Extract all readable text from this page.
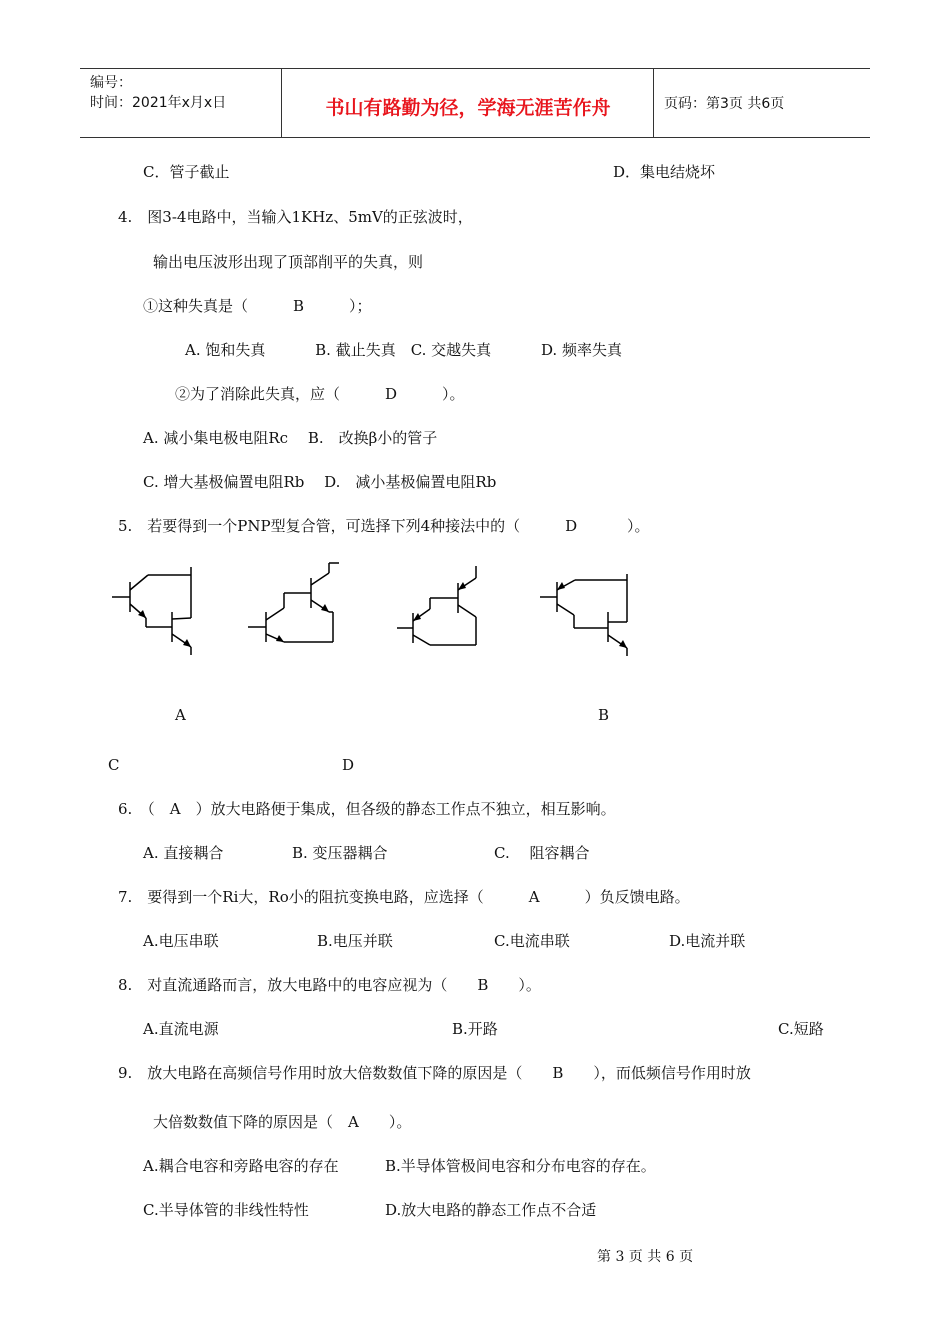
编号：
时间：2021年x月x日	书山有路勤为径，学海无涯苦作舟	页码：第3页 共6页
C．管子截止	D．集电结烧坏
4.　图3-4电路中，当输入1KHz、5mV的正弦波时，
输出电压波形出现了顶部削平的失真，则
①这种失真是（　　　B　　　）；
A. 饱和失真　　　 B. 截止失真　C. 交越失真　　　 D. 频率失真
②为了消除此失真，应（　　　D　　　）。
A. 减小集电极电阻Rc　 B.　改换β小的管子
C. 增大基极偏置电阻Rb　 D.　减小基极偏置电阻Rb
5.　若要得到一个PNP型复合管，可选择下列4种接法中的（　　　D　　　 ）。
A	B
C	D
6.　（　A　）放大电路便于集成，但各级的静态工作点不独立，相互影响。
A. 直接耦合	B. 变压器耦合	C.　 阻容耦合
7.　要得到一个Ri大，Ro小的阻抗变换电路，应选择（　　　A　　　）负反馈电路。
A.电压串联	B.电压并联	C.电流串联	D.电流并联
8.　对直流通路而言，放大电路中的电容应视为（　　B　　）。
A.直流电源	B.开路	C.短路
9.　放大电路在高频信号作用时放大倍数数值下降的原因是（　　B　　），而低频信号作用时放
大倍数数值下降的原因是（　A　　）。
A.耦合电容和旁路电容的存在	B.半导体管极间电容和分布电容的存在。
C.半导体管的非线性特性	D.放大电路的静态工作点不合适
第 3 页 共 6 页
